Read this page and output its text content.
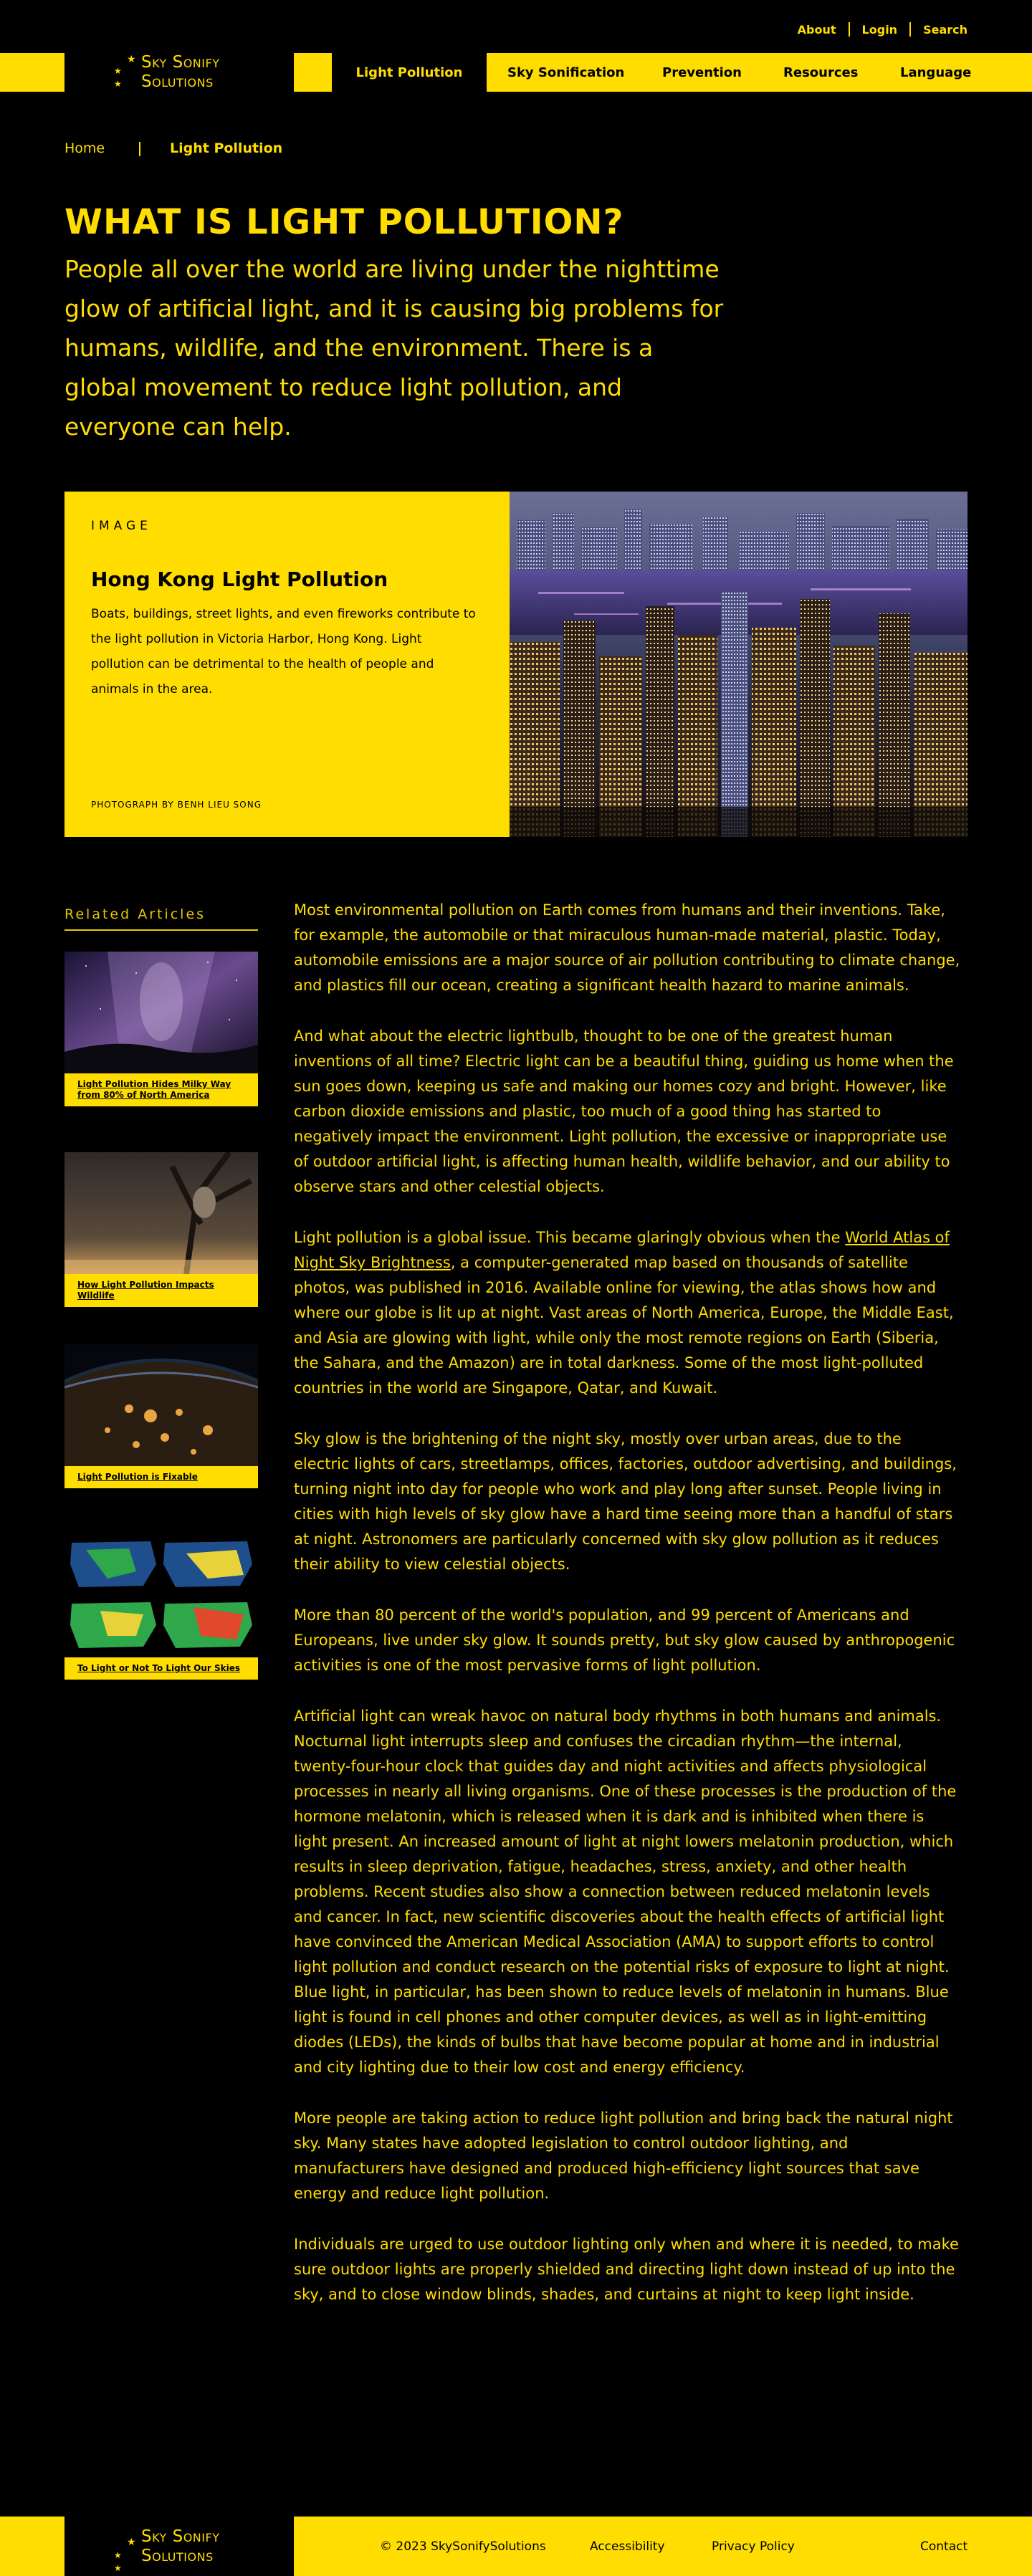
About	Login	Search
★
★
★
Sky Sonify
Solutions	Light Pollution	Sky Sonification	Prevention	Resources	Language
Home	Light Pollution
WHAT IS LIGHT POLLUTION?
People all over the world are living under the nighttime glow of artificial light, and it is causing big problems for humans, wildlife, and the environment. There is a global movement to reduce light pollution, and everyone can help.
IMAGE
Hong Kong Light Pollution
Boats, buildings, street lights, and even fireworks contribute to the light pollution in Victoria Harbor, Hong Kong. Light pollution can be detrimental to the health of people and animals in the area.
PHOTOGRAPH BY BENH LIEU SONG
Related Articles
Light Pollution Hides Milky Way from 80% of North America
How Light Pollution Impacts Wildlife
Light Pollution is Fixable
To Light or Not To Light Our Skies

Most environmental pollution on Earth comes from humans and their inventions. Take, for example, the automobile or that miraculous human-made material, plastic. Today, automobile emissions are a major source of air pollution contributing to climate change, and plastics fill our ocean, creating a significant health hazard to marine animals.

And what about the electric lightbulb, thought to be one of the greatest human inventions of all time? Electric light can be a beautiful thing, guiding us home when the sun goes down, keeping us safe and making our homes cozy and bright. However, like carbon dioxide emissions and plastic, too much of a good thing has started to negatively impact the environment. Light pollution, the excessive or inappropriate use of outdoor artificial light, is affecting human health, wildlife behavior, and our ability to observe stars and other celestial objects.

Light pollution is a global issue. This became glaringly obvious when the World Atlas of Night Sky Brightness, a computer-generated map based on thousands of satellite photos, was published in 2016. Available online for viewing, the atlas shows how and where our globe is lit up at night. Vast areas of North America, Europe, the Middle East, and Asia are glowing with light, while only the most remote regions on Earth (Siberia, the Sahara, and the Amazon) are in total darkness. Some of the most light-polluted countries in the world are Singapore, Qatar, and Kuwait.

Sky glow is the brightening of the night sky, mostly over urban areas, due to the electric lights of cars, streetlamps, offices, factories, outdoor advertising, and buildings, turning night into day for people who work and play long after sunset. People living in cities with high levels of sky glow have a hard time seeing more than a handful of stars at night. Astronomers are particularly concerned with sky glow pollution as it reduces their ability to view celestial objects.

More than 80 percent of the world's population, and 99 percent of Americans and Europeans, live under sky glow. It sounds pretty, but sky glow caused by anthropogenic activities is one of the most pervasive forms of light pollution.

Artificial light can wreak havoc on natural body rhythms in both humans and animals. Nocturnal light interrupts sleep and confuses the circadian rhythm—the internal, twenty-four-hour clock that guides day and night activities and affects physiological processes in nearly all living organisms. One of these processes is the production of the hormone melatonin, which is released when it is dark and is inhibited when there is light present. An increased amount of light at night lowers melatonin production, which results in sleep deprivation, fatigue, headaches, stress, anxiety, and other health problems. Recent studies also show a connection between reduced melatonin levels and cancer. In fact, new scientific discoveries about the health effects of artificial light have convinced the American Medical Association (AMA) to support efforts to control light pollution and conduct research on the potential risks of exposure to light at night. Blue light, in particular, has been shown to reduce levels of melatonin in humans. Blue light is found in cell phones and other computer devices, as well as in light-emitting diodes (LEDs), the kinds of bulbs that have become popular at home and in industrial and city lighting due to their low cost and energy efficiency.

More people are taking action to reduce light pollution and bring back the natural night sky. Many states have adopted legislation to control outdoor lighting, and manufacturers have designed and produced high-efficiency light sources that save energy and reduce light pollution.

Individuals are urged to use outdoor lighting only when and where it is needed, to make sure outdoor lights are properly shielded and directing light down instead of up into the sky, and to close window blinds, shades, and curtains at night to keep light inside.

★
★
★
Sky Sonify
Solutions	© 2023 SkySonifySolutions	Accessibility	Privacy Policy	Contact
